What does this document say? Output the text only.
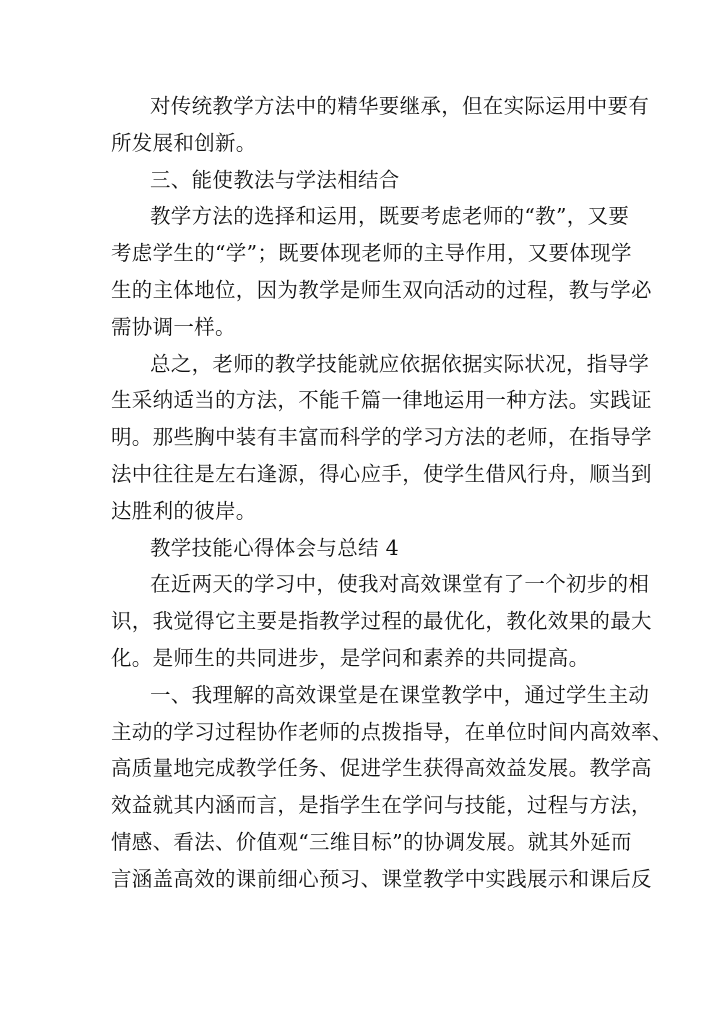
对传统教学方法中的精华要继承，但在实际运用中要有
所发展和创新。

三、能使教法与学法相结合

教学方法的选择和运用，既要考虑老师的“教”，又要
考虑学生的“学”；既要体现老师的主导作用，又要体现学
生的主体地位，因为教学是师生双向活动的过程，教与学必
需协调一样。

总之，老师的教学技能就应依据依据实际状况，指导学
生采纳适当的方法，不能千篇一律地运用一种方法。实践证
明。那些胸中装有丰富而科学的学习方法的老师，在指导学
法中往往是左右逢源，得心应手，使学生借风行舟，顺当到
达胜利的彼岸。

教学技能心得体会与总结 4

在近两天的学习中，使我对高效课堂有了一个初步的相
识，我觉得它主要是指教学过程的最优化，教化效果的最大
化。是师生的共同进步，是学问和素养的共同提高。

一、我理解的高效课堂是在课堂教学中，通过学生主动
主动的学习过程协作老师的点拨指导，在单位时间内高效率、
高质量地完成教学任务、促进学生获得高效益发展。教学高
效益就其内涵而言，是指学生在学问与技能，过程与方法，
情感、看法、价值观“三维目标”的协调发展。就其外延而
言涵盖高效的课前细心预习、课堂教学中实践展示和课后反
